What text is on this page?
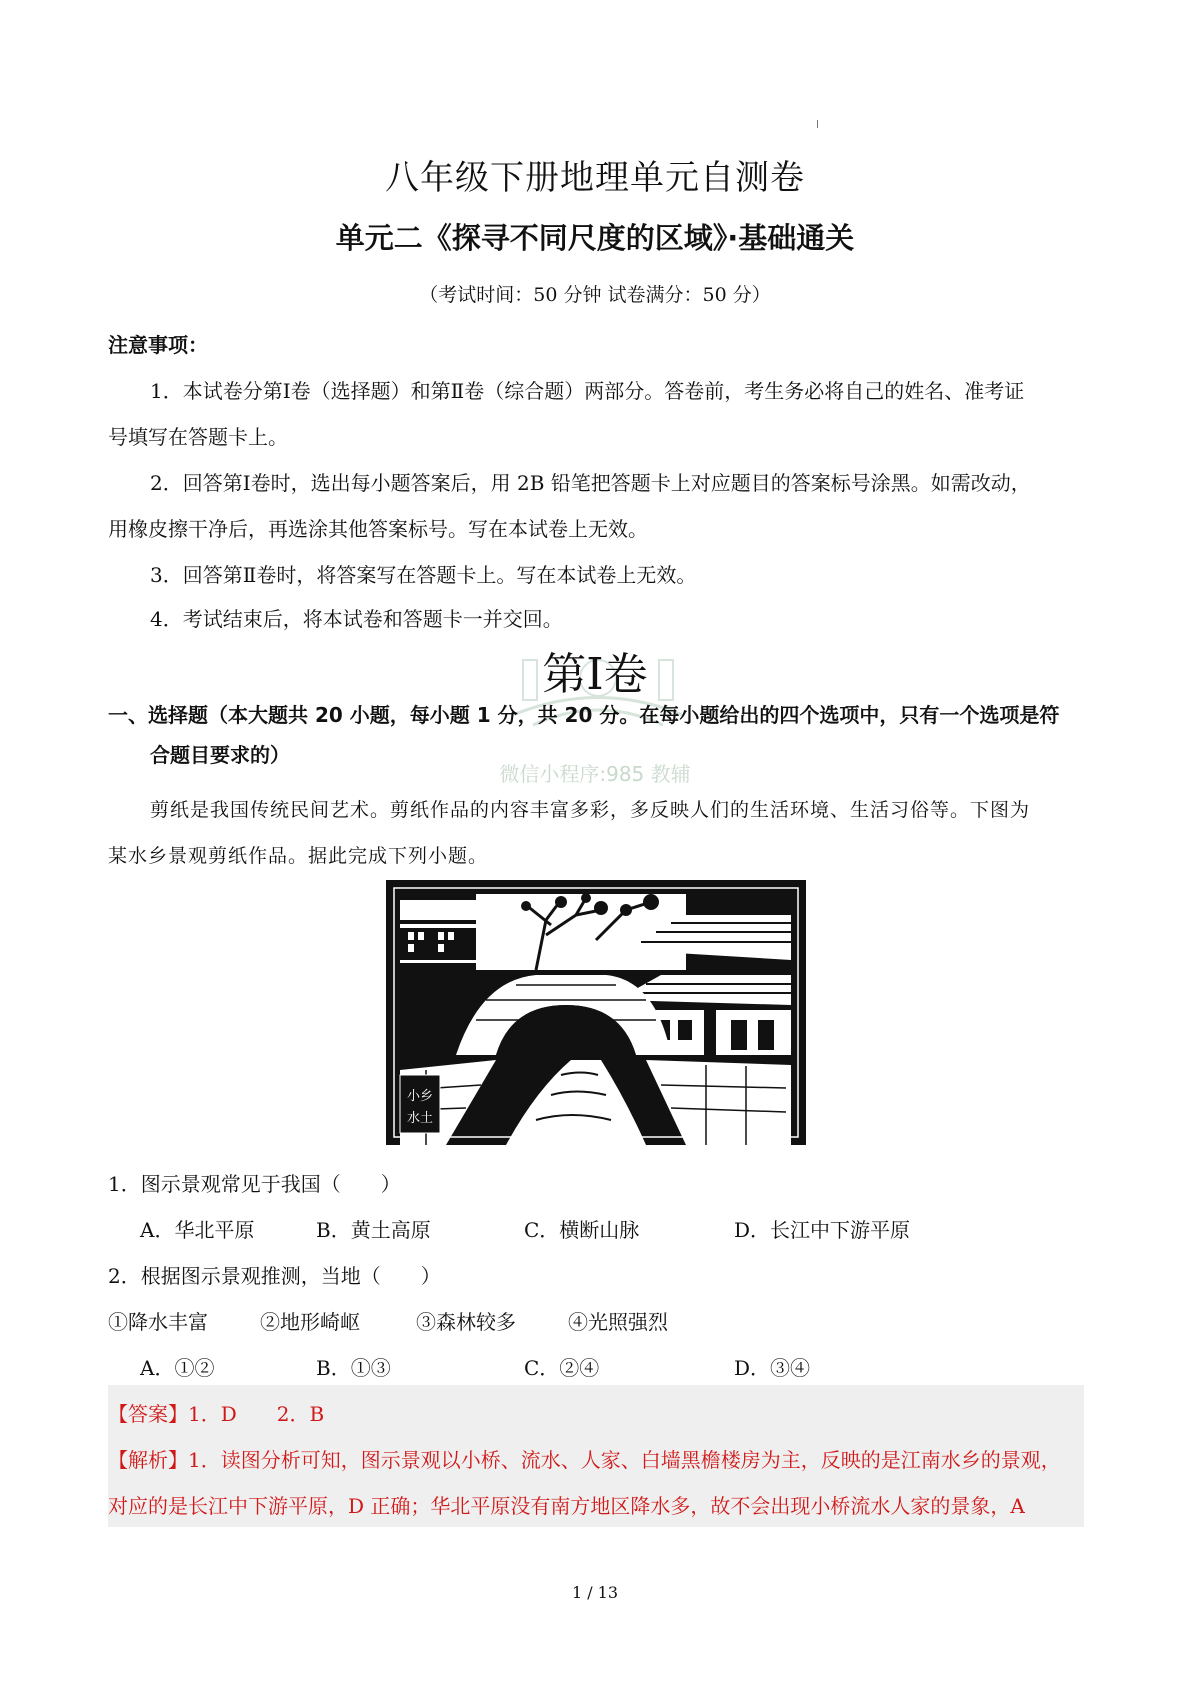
八年级下册地理单元自测卷
单元二《探寻不同尺度的区域》·基础通关
（考试时间：50 分钟 试卷满分：50 分）
注意事项：
1．本试卷分第Ⅰ卷（选择题）和第Ⅱ卷（综合题）两部分。答卷前，考生务必将自己的姓名、准考证
号填写在答题卡上。
2．回答第Ⅰ卷时，选出每小题答案后，用 2B 铅笔把答题卡上对应题目的答案标号涂黑。如需改动，
用橡皮擦干净后，再选涂其他答案标号。写在本试卷上无效。
3．回答第Ⅱ卷时，将答案写在答题卡上。写在本试卷上无效。
4．考试结束后，将本试卷和答题卡一并交回。
第Ⅰ卷
微信小程序:985 教辅
一、选择题（本大题共 20 小题，每小题 1 分，共 20 分。在每小题给出的四个选项中，只有一个选项是符
合题目要求的）
剪纸是我国传统民间艺术。剪纸作品的内容丰富多彩，多反映人们的生活环境、生活习俗等。下图为
某水乡景观剪纸作品。据此完成下列小题。
小乡
水土
1．图示景观常见于我国（　　）
A．华北平原	B．黄土高原	C．横断山脉	D．长江中下游平原
2．根据图示景观推测，当地（　　）
①降水丰富	②地形崎岖	③森林较多	④光照强烈
A．①②	B．①③	C．②④	D．③④
【答案】1．D　　2．B
【解析】1．读图分析可知，图示景观以小桥、流水、人家、白墙黑檐楼房为主，反映的是江南水乡的景观，
对应的是长江中下游平原，D 正确；华北平原没有南方地区降水多，故不会出现小桥流水人家的景象，A
1 / 13
